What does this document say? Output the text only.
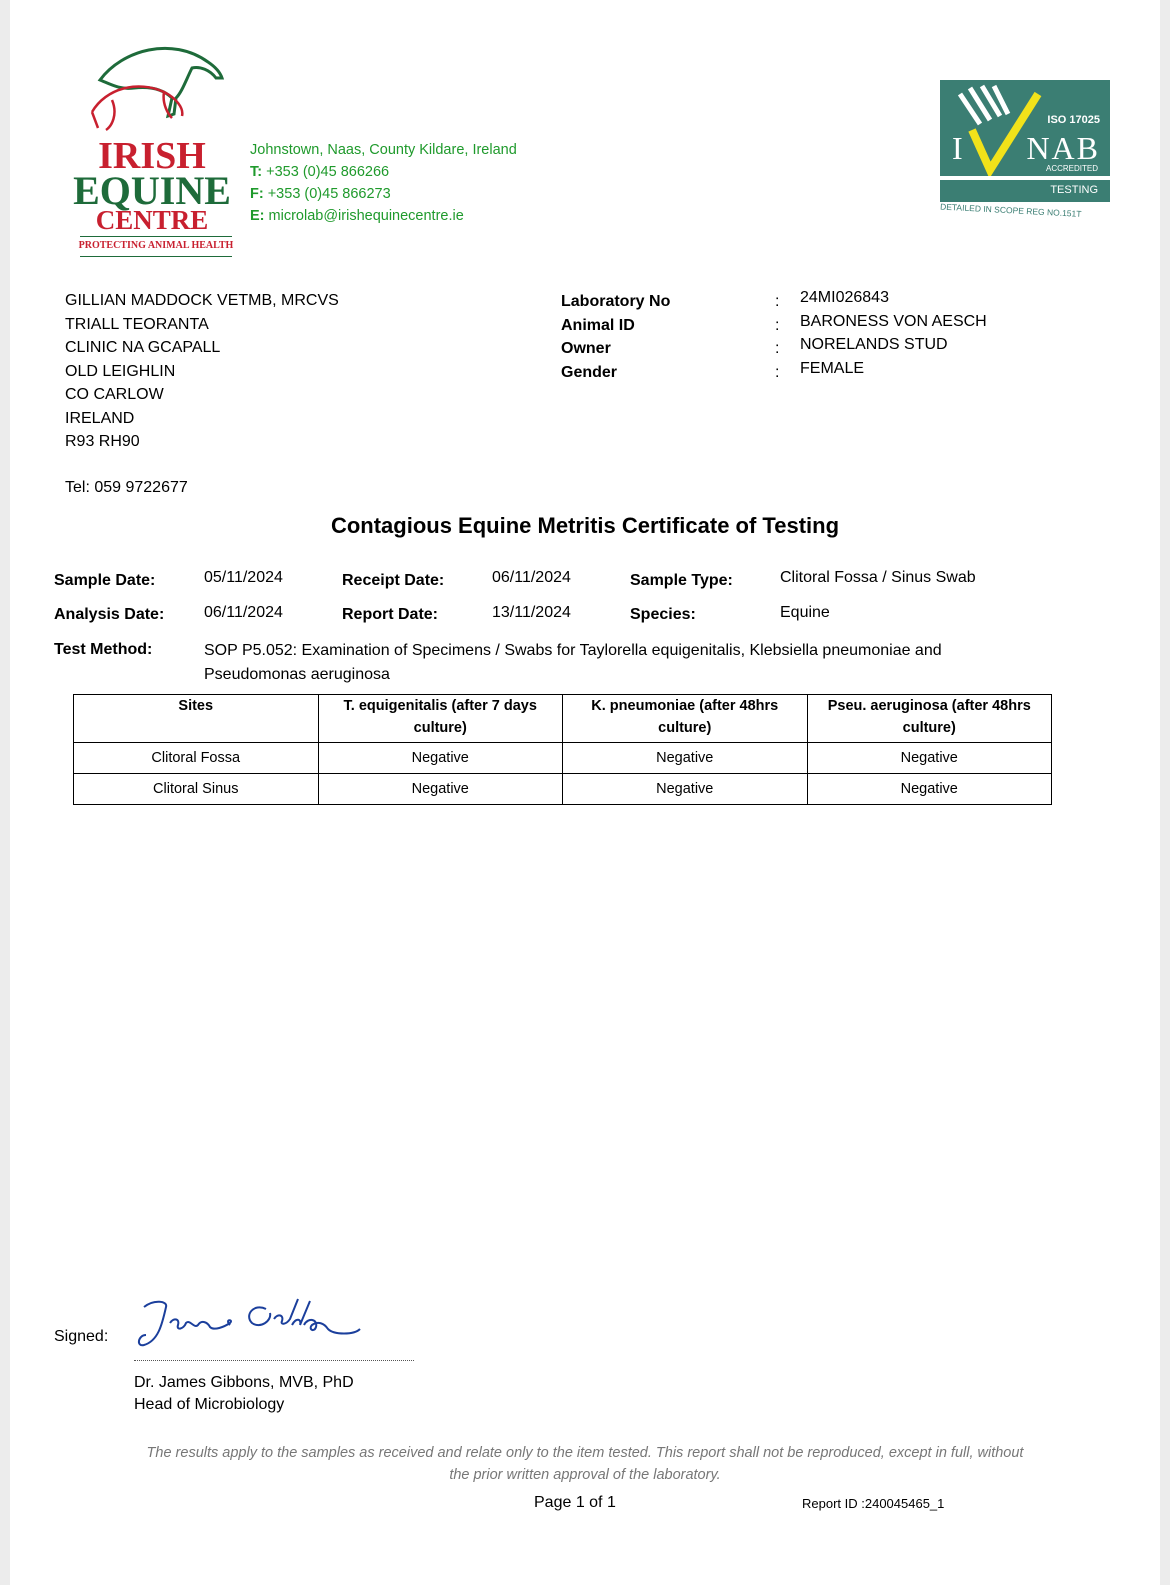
IRISH
EQUINE
CENTRE
PROTECTING ANIMAL HEALTH
Johnstown, Naas, County Kildare, Ireland
T: +353 (0)45 866266
F: +353 (0)45 866273
E: microlab@irishequinecentre.ie
ISO 17025
I NAB
ACCREDITED
TESTING
DETAILED IN SCOPE REG NO.151T
GILLIAN MADDOCK VETMB, MRCVS
TRIALL TEORANTA
CLINIC NA GCAPALL
OLD LEIGHLIN
CO CARLOW
IRELAND
R93 RH90
Tel: 059 9722677
Laboratory No	: 24MI026843
Animal ID	: BARONESS VON AESCH
Owner	: NORELANDS STUD
Gender	: FEMALE
Contagious Equine Metritis Certificate of Testing
Sample Date:	05/11/2024	Receipt Date:	06/11/2024	Sample Type:	Clitoral Fossa / Sinus Swab
Analysis Date: 06/11/2024	Report Date:	13/11/2024	Species:	Equine
Test Method:	SOP P5.052: Examination of Specimens / Swabs for Taylorella equigenitalis, Klebsiella pneumoniae and
Pseudomonas aeruginosa
Sites	T. equigenitalis (after 7 days culture)	K. pneumoniae (after 48hrs culture)	Pseu. aeruginosa (after 48hrs culture)
Clitoral Fossa	Negative	Negative	Negative
Clitoral Sinus	Negative	Negative	Negative
Signed:
Dr. James Gibbons, MVB, PhD
Head of Microbiology
The results apply to the samples as received and relate only to the item tested. This report shall not be reproduced, except in full, without
the prior written approval of the laboratory.
Page 1 of 1	Report ID :240045465_1
